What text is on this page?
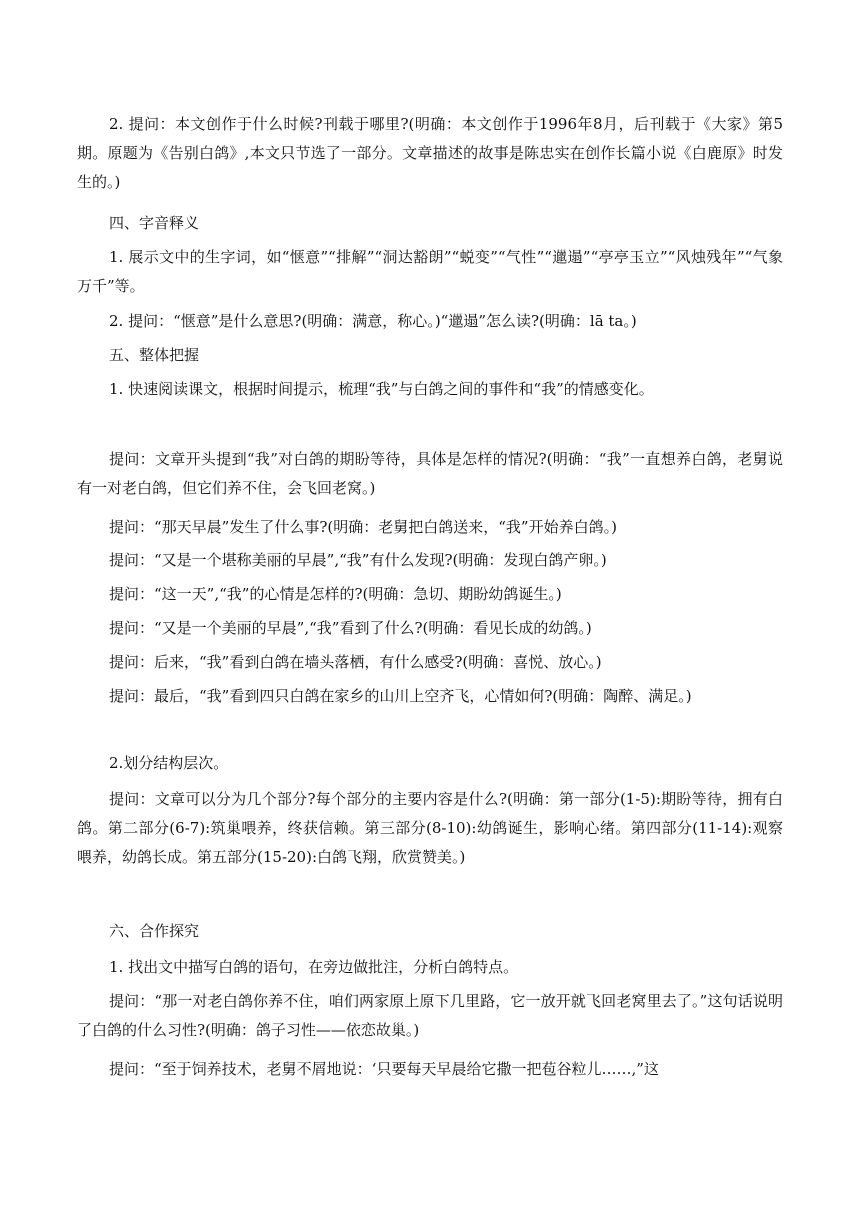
2. 提问：本文创作于什么时候?刊载于哪里?(明确：本文创作于1996年8月，后刊载于《大家》第5期。原题为《告别白鸽》,本文只节选了一部分。文章描述的故事是陈忠实在创作长篇小说《白鹿原》时发生的。)

四、字音释义

1. 展示文中的生字词，如“惬意”“排解”“洞达豁朗”“蜕变”“气性”“邋遢”“亭亭玉立”“风烛残年”“气象万千”等。

2. 提问：“惬意”是什么意思?(明确：满意，称心。)“邋遢”怎么读?(明确：lā ta。)

五、整体把握

1. 快速阅读课文，根据时间提示，梳理“我”与白鸽之间的事件和“我”的情感变化。

提问：文章开头提到“我”对白鸽的期盼等待，具体是怎样的情况?(明确：“我”一直想养白鸽，老舅说有一对老白鸽，但它们养不住，会飞回老窝。)

提问：“那天早晨”发生了什么事?(明确：老舅把白鸽送来，“我”开始养白鸽。)

提问：“又是一个堪称美丽的早晨”,“我”有什么发现?(明确：发现白鸽产卵。)

提问：“这一天”,“我”的心情是怎样的?(明确：急切、期盼幼鸽诞生。)

提问：“又是一个美丽的早晨”,“我”看到了什么?(明确：看见长成的幼鸽。)

提问：后来，“我”看到白鸽在墙头落栖，有什么感受?(明确：喜悦、放心。)

提问：最后，“我”看到四只白鸽在家乡的山川上空齐飞，心情如何?(明确：陶醉、满足。)

2.划分结构层次。

提问：文章可以分为几个部分?每个部分的主要内容是什么?(明确：第一部分(1-5):期盼等待，拥有白鸽。第二部分(6-7):筑巢喂养，终获信赖。第三部分(8-10):幼鸽诞生，影响心绪。第四部分(11-14):观察喂养，幼鸽长成。第五部分(15-20):白鸽飞翔，欣赏赞美。)

六、合作探究

1. 找出文中描写白鸽的语句，在旁边做批注，分析白鸽特点。

提问：“那一对老白鸽你养不住，咱们两家原上原下几里路，它一放开就飞回老窝里去了。”这句话说明了白鸽的什么习性?(明确：鸽子习性——依恋故巢。)

提问：“至于饲养技术，老舅不屑地说：‘只要每天早晨给它撒一把苞谷粒儿……,”这
